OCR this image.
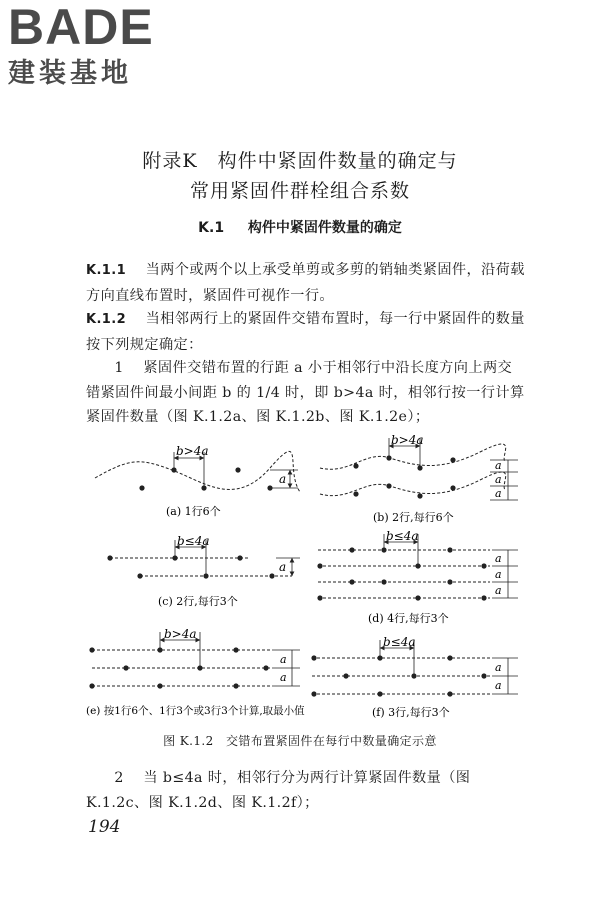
BADE
建装基地
附录K　构件中紧固件数量的确定与
常用紧固件群栓组合系数
K.1 　 构件中紧固件数量的确定
K.1.1 　 当两个或两个以上承受单剪或多剪的销轴类紧固件，沿荷载方向直线布置时，紧固件可视作一行。
K.1.2 　 当相邻两行上的紧固件交错布置时，每一行中紧固件的数量按下列规定确定：
1 　 紧固件交错布置的行距 a 小于相邻行中沿长度方向上两交错紧固件间最小间距 b 的 1/4 时，即 b>4a 时，相邻行按一行计算紧固件数量（图 K.1.2a、图 K.1.2b、图 K.1.2e）；
b>4a
a
(a) 1行6个
b>4a
a
a
a
(b) 2行,每行6个
b≤4a
a
(c) 2行,每行3个
b≤4a
a
a
a
(d) 4行,每行3个
b>4a
a
a
(e) 按1行6个、1行3个或3行3个计算,取最小值
b≤4a
a
a
(f) 3行,每行3个
图 K.1.2　交错布置紧固件在每行中数量确定示意
2 　 当 b≤4a 时，相邻行分为两行计算紧固件数量（图 K.1.2c、图 K.1.2d、图 K.1.2f）；
194
